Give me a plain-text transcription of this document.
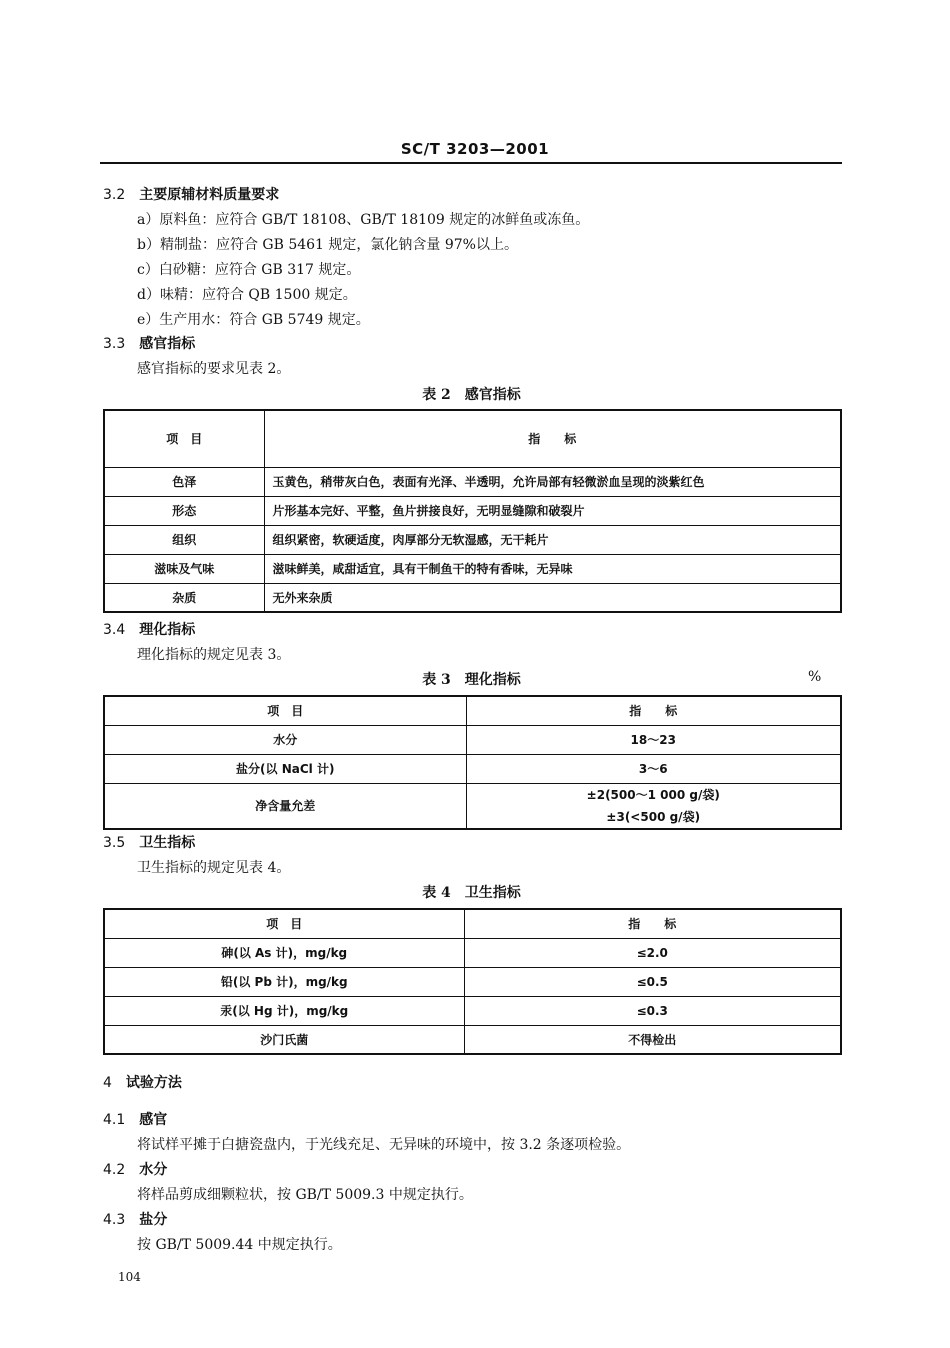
SC/T 3203—2001
3.2 主要原辅材料质量要求
a）原料鱼：应符合 GB/T 18108、GB/T 18109 规定的冰鲜鱼或冻鱼。
b）精制盐：应符合 GB 5461 规定，氯化钠含量 97%以上。
c）白砂糖：应符合 GB 317 规定。
d）味精：应符合 QB 1500 规定。
e）生产用水：符合 GB 5749 规定。
3.3 感官指标
感官指标的要求见表 2。
表 2　感官指标
项　目	指　　标
色泽	玉黄色，稍带灰白色，表面有光泽、半透明，允许局部有轻微淤血呈现的淡紫红色
形态	片形基本完好、平整，鱼片拼接良好，无明显缝隙和破裂片
组织	组织紧密，软硬适度，肉厚部分无软湿感，无干耗片
滋味及气味	滋味鲜美，咸甜适宜，具有干制鱼干的特有香味，无异味
杂质	无外来杂质
3.4 理化指标
理化指标的规定见表 3。
表 3　理化指标	%
项　目	指　　标
水分	18～23
盐分(以 NaCl 计)	3～6
净含量允差	±2(500～1 000 g/袋)
±3(<500 g/袋)
3.5 卫生指标
卫生指标的规定见表 4。
表 4　卫生指标
项　目	指　　标
砷(以 As 计)，mg/kg	≤2.0
铅(以 Pb 计)，mg/kg	≤0.5
汞(以 Hg 计)，mg/kg	≤0.3
沙门氏菌	不得检出
4 试验方法
4.1 感官
将试样平摊于白搪瓷盘内，于光线充足、无异味的环境中，按 3.2 条逐项检验。
4.2 水分
将样品剪成细颗粒状，按 GB/T 5009.3 中规定执行。
4.3 盐分
按 GB/T 5009.44 中规定执行。
104
